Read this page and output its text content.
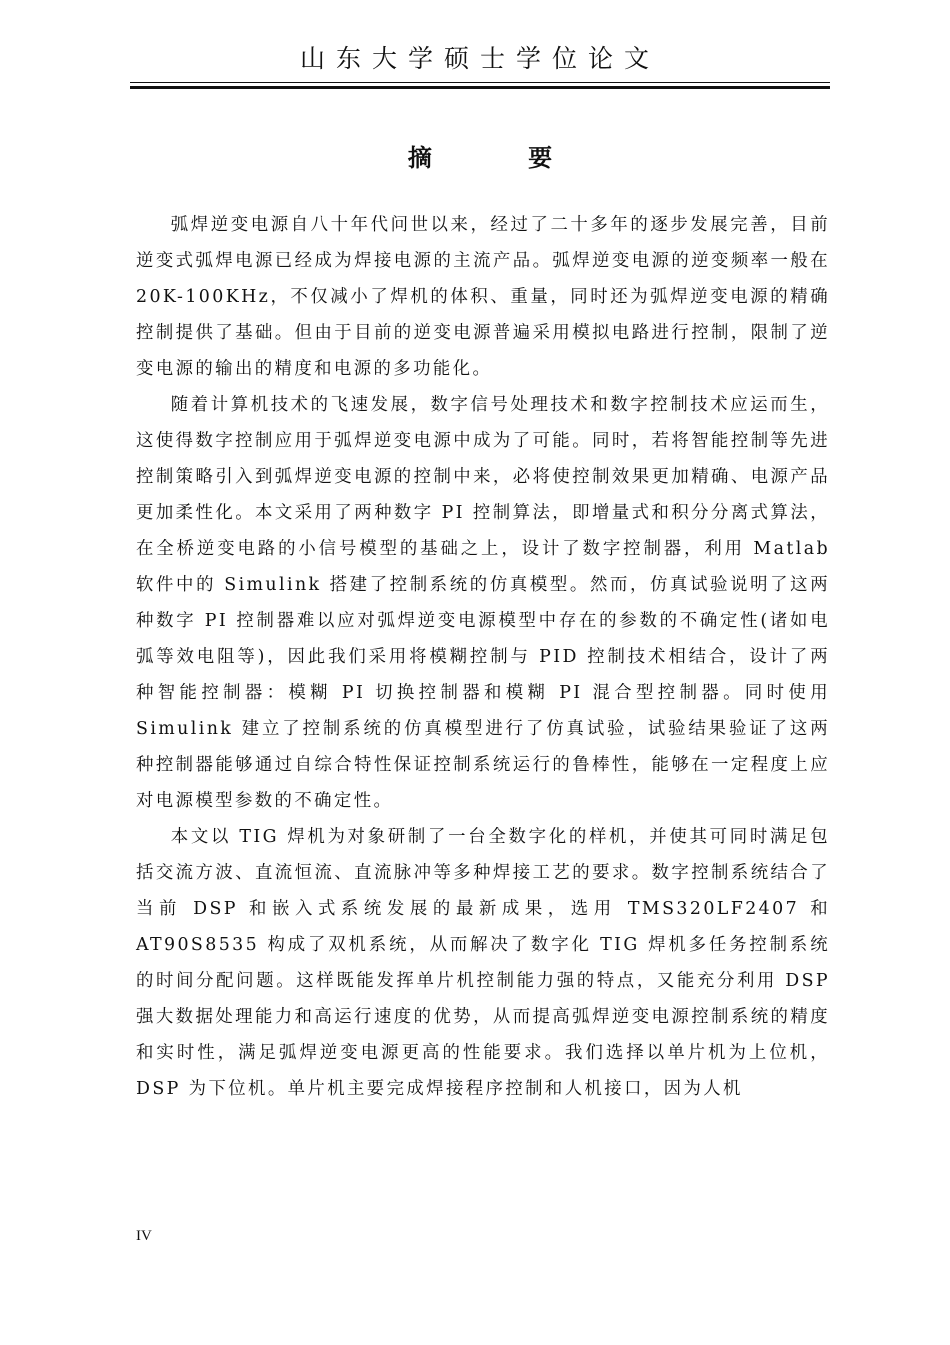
山东大学硕士学位论文
摘 要

弧焊逆变电源自八十年代问世以来，经过了二十多年的逐步发展完善，目前逆变式弧焊电源已经成为焊接电源的主流产品。弧焊逆变电源的逆变频率一般在 20K-100KHz，不仅减小了焊机的体积、重量，同时还为弧焊逆变电源的精确控制提供了基础。但由于目前的逆变电源普遍采用模拟电路进行控制，限制了逆变电源的输出的精度和电源的多功能化。

随着计算机技术的飞速发展，数字信号处理技术和数字控制技术应运而生，这使得数字控制应用于弧焊逆变电源中成为了可能。同时，若将智能控制等先进控制策略引入到弧焊逆变电源的控制中来，必将使控制效果更加精确、电源产品更加柔性化。本文采用了两种数字 PI 控制算法，即增量式和积分分离式算法，在全桥逆变电路的小信号模型的基础之上，设计了数字控制器，利用 Matlab 软件中的 Simulink 搭建了控制系统的仿真模型。然而，仿真试验说明了这两种数字 PI 控制器难以应对弧焊逆变电源模型中存在的参数的不确定性(诸如电弧等效电阻等)，因此我们采用将模糊控制与 PID 控制技术相结合，设计了两种智能控制器：模糊 PI 切换控制器和模糊 PI 混合型控制器。同时使用 Simulink 建立了控制系统的仿真模型进行了仿真试验，试验结果验证了这两种控制器能够通过自综合特性保证控制系统运行的鲁棒性，能够在一定程度上应对电源模型参数的不确定性。

本文以 TIG 焊机为对象研制了一台全数字化的样机，并使其可同时满足包括交流方波、直流恒流、直流脉冲等多种焊接工艺的要求。数字控制系统结合了当前 DSP 和嵌入式系统发展的最新成果，选用 TMS320LF2407 和 AT90S8535 构成了双机系统，从而解决了数字化 TIG 焊机多任务控制系统的时间分配问题。这样既能发挥单片机控制能力强的特点，又能充分利用 DSP 强大数据处理能力和高运行速度的优势，从而提高弧焊逆变电源控制系统的精度和实时性，满足弧焊逆变电源更高的性能要求。我们选择以单片机为上位机，DSP 为下位机。单片机主要完成焊接程序控制和人机接口，因为人机

IV
